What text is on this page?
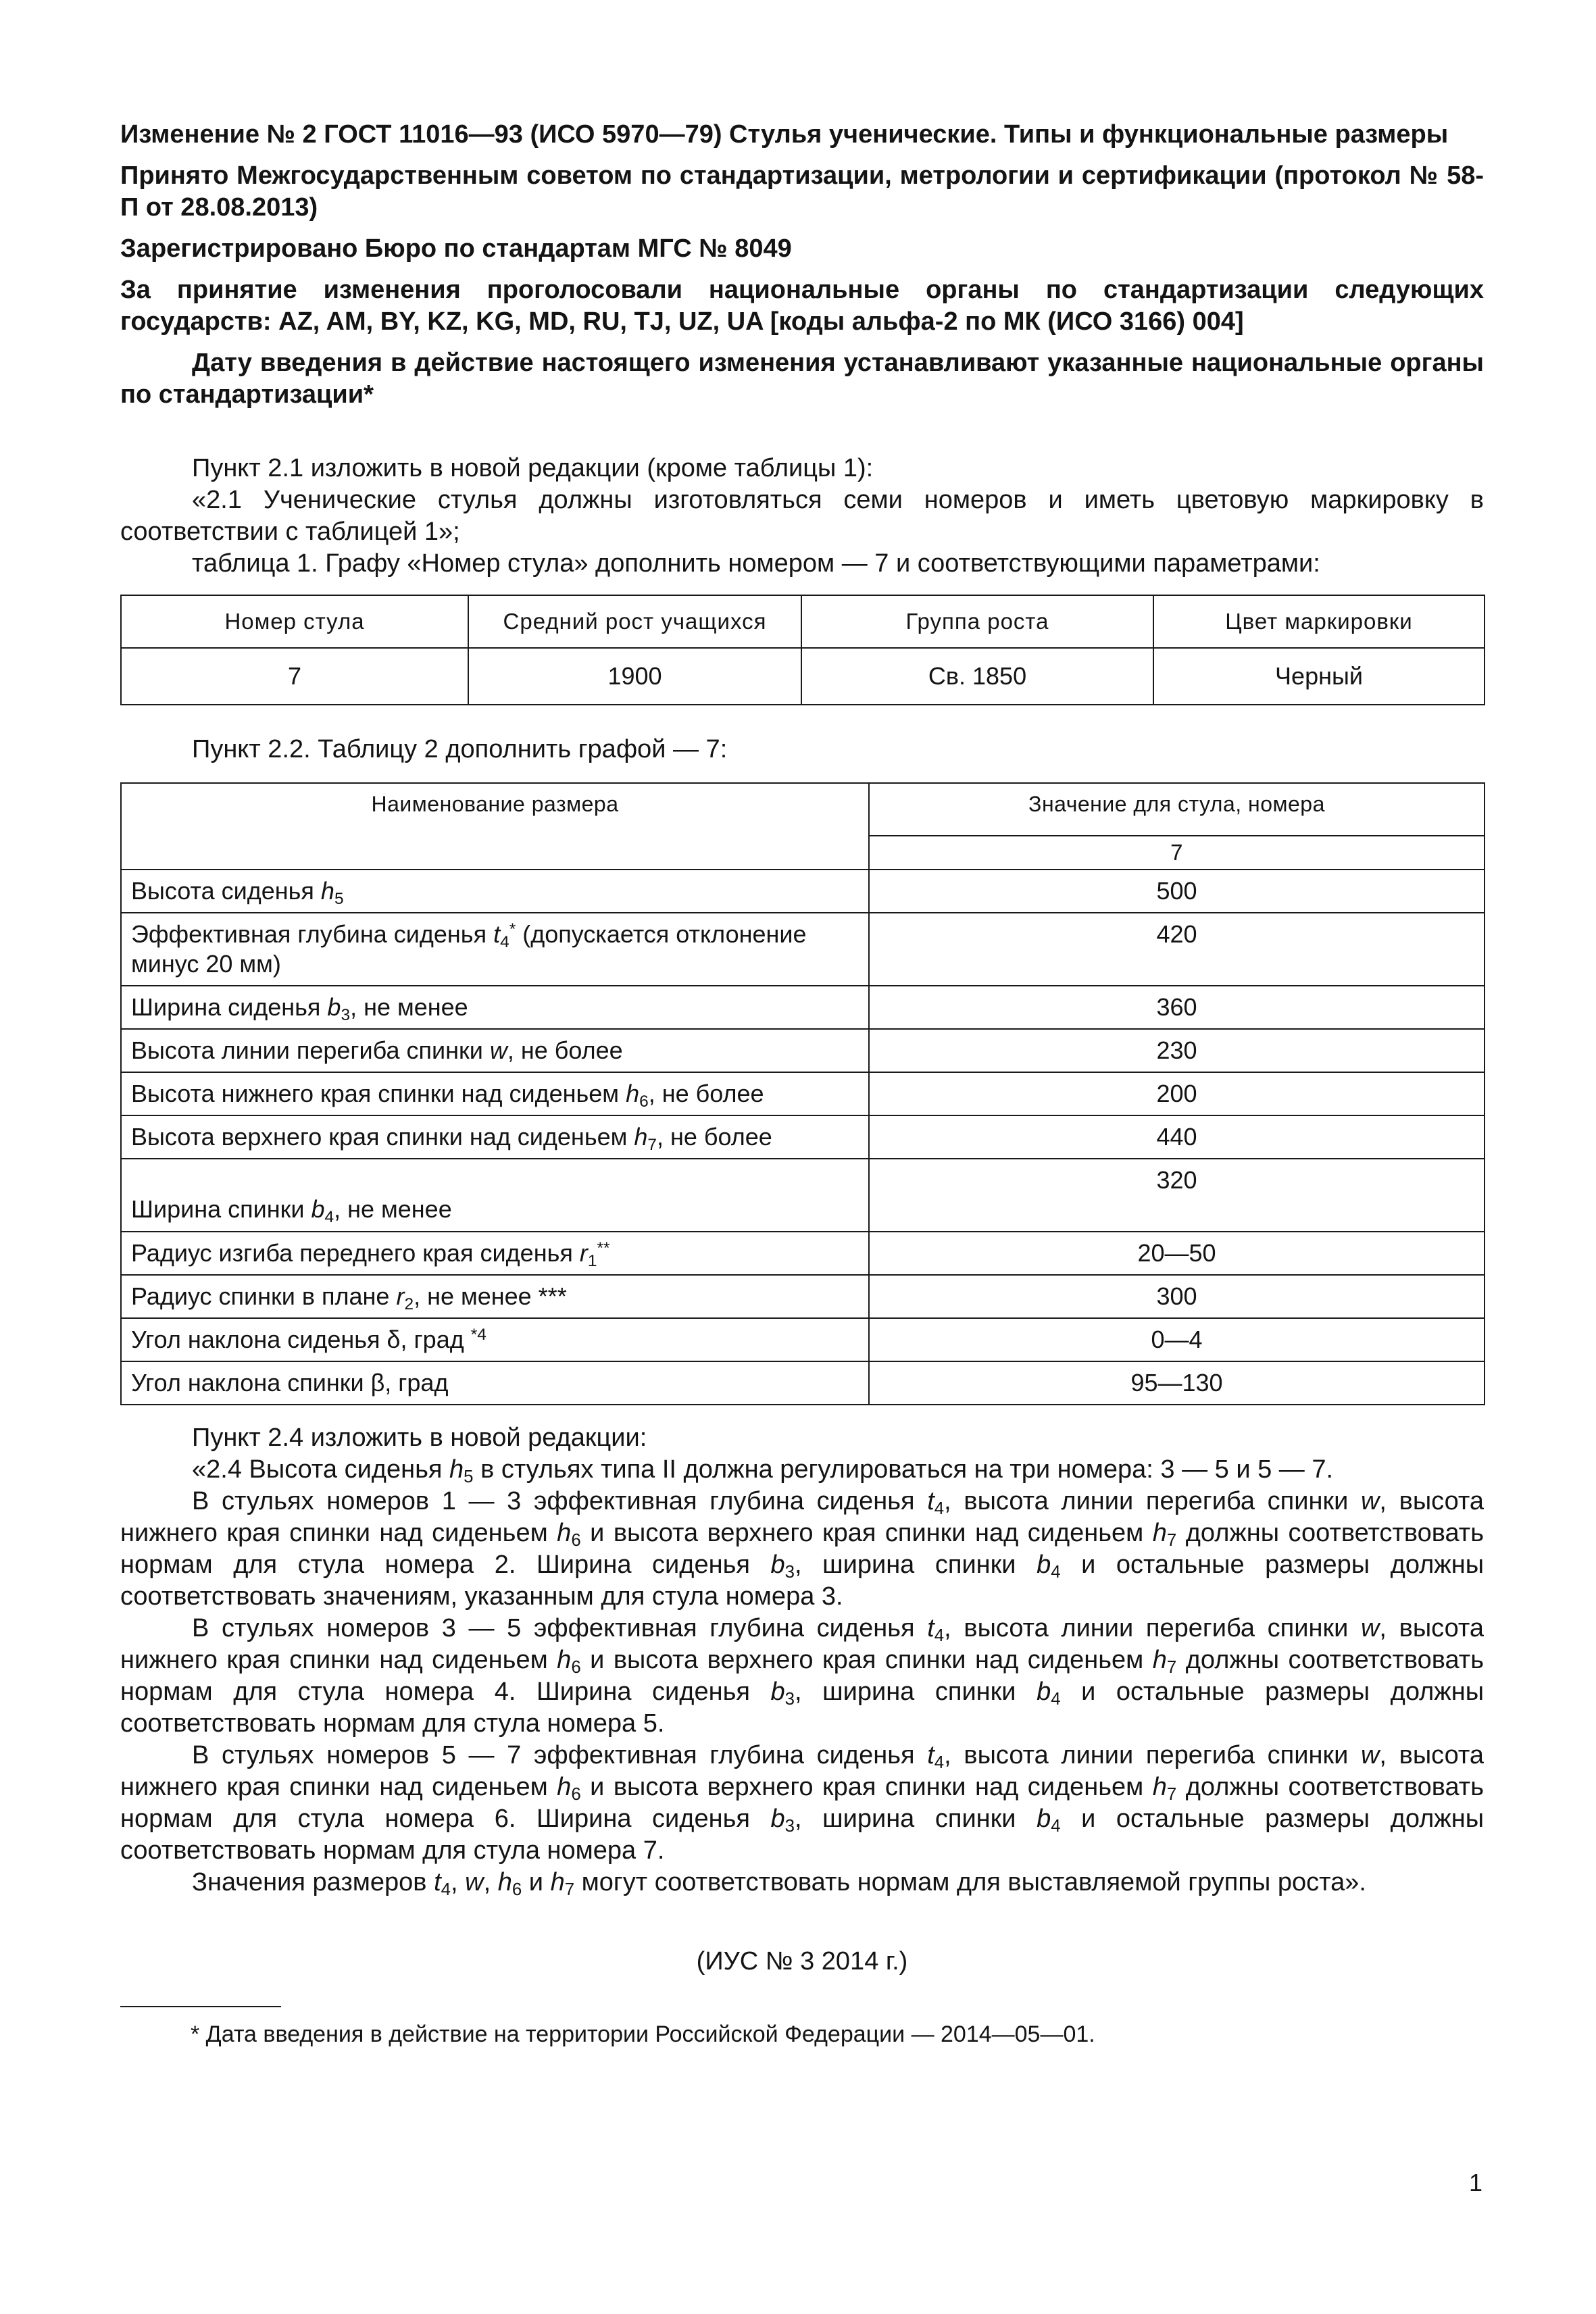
Изменение № 2 ГОСТ 11016—93 (ИСО 5970—79) Стулья ученические. Типы и функциональные размеры

Принято Межгосударственным советом по стандартизации, метрологии и сертификации (протокол № 58-П от 28.08.2013)

Зарегистрировано Бюро по стандартам МГС № 8049

За принятие изменения проголосовали национальные органы по стандартизации следующих государств: AZ, AM, BY, KZ, KG, MD, RU, TJ, UZ, UA [коды альфа-2 по МК (ИСО 3166) 004]

Дату введения в действие настоящего изменения устанавливают указанные национальные органы по стандартизации*

Пункт 2.1 изложить в новой редакции (кроме таблицы 1):

«2.1 Ученические стулья должны изготовляться семи номеров и иметь цветовую маркировку в соответствии с таблицей 1»;

таблица 1. Графу «Номер стула» дополнить номером — 7 и соответствующими параметрами:

Номер стула	Средний рост учащихся	Группа роста	Цвет маркировки
7	1900	Св. 1850	Черный

Пункт 2.2. Таблицу 2 дополнить графой — 7:

Наименование размера	Значение для стула, номера
	7
Высота сиденья $h_5$	500
Эффективная глубина сиденья $t_4^*$ (допускается отклонение минус 20 мм)	420
Ширина сиденья $b_3$, не менее	360
Высота линии перегиба спинки w, не более	230
Высота нижнего края спинки над сиденьем $h_6$, не более	200
Высота верхнего края спинки над сиденьем $h_7$, не более	440
Ширина спинки $b_4$, не менее	320
Радиус изгиба переднего края сиденья $r_1^{**}$	20—50
Радиус спинки в плане $r_2$, не менее ***	300
Угол наклона сиденья δ, град $^{*4}$	0—4
Угол наклона спинки β, град	95—130

Пункт 2.4 изложить в новой редакции:

«2.4 Высота сиденья $h_5$ в стульях типа II должна регулироваться на три номера: 3 — 5 и 5 — 7.

В стульях номеров 1 — 3 эффективная глубина сиденья $t_4$, высота линии перегиба спинки w, высота нижнего края спинки над сиденьем $h_6$ и высота верхнего края спинки над сиденьем $h_7$ должны соответствовать нормам для стула номера 2. Ширина сиденья $b_3$, ширина спинки $b_4$ и остальные размеры должны соответствовать значениям, указанным для стула номера 3.

В стульях номеров 3 — 5 эффективная глубина сиденья $t_4$, высота линии перегиба спинки w, высота нижнего края спинки над сиденьем $h_6$ и высота верхнего края спинки над сиденьем $h_7$ должны соответствовать нормам для стула номера 4. Ширина сиденья $b_3$, ширина спинки $b_4$ и остальные размеры должны соответствовать нормам для стула номера 5.

В стульях номеров 5 — 7 эффективная глубина сиденья $t_4$, высота линии перегиба спинки w, высота нижнего края спинки над сиденьем $h_6$ и высота верхнего края спинки над сиденьем $h_7$ должны соответствовать нормам для стула номера 6. Ширина сиденья $b_3$, ширина спинки $b_4$ и остальные размеры должны соответствовать нормам для стула номера 7.

Значения размеров $t_4$, w, $h_6$ и $h_7$ могут соответствовать нормам для выставляемой группы роста».

(ИУС № 3 2014 г.)

* Дата введения в действие на территории Российской Федерации — 2014—05—01.

1
